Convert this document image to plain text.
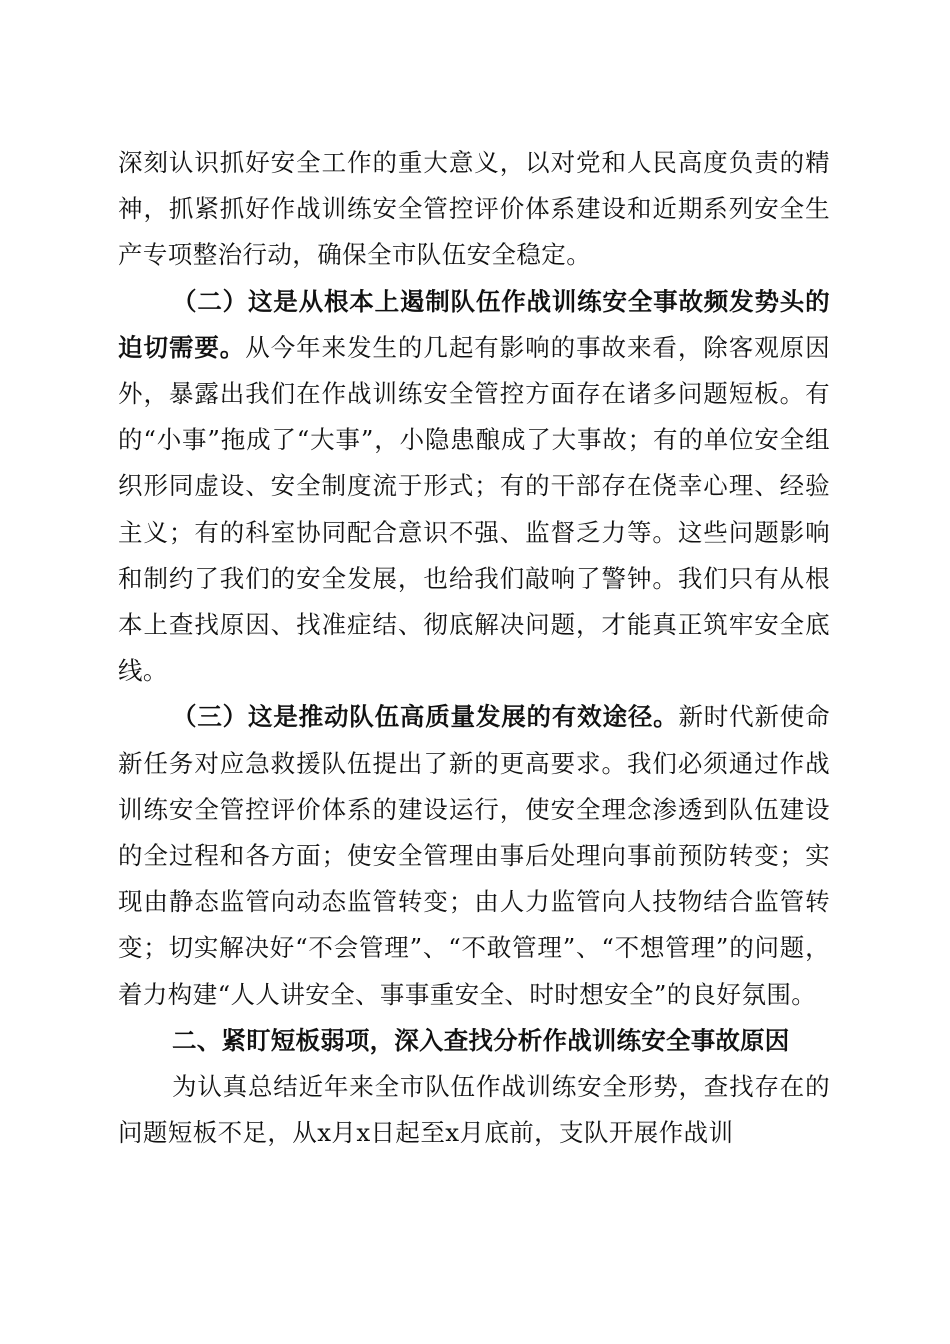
深刻认识抓好安全工作的重大意义，以对党和人民高度负责的精神，抓紧抓好作战训练安全管控评价体系建设和近期系列安全生产专项整治行动，确保全市队伍安全稳定。

（二）这是从根本上遏制队伍作战训练安全事故频发势头的迫切需要。从今年来发生的几起有影响的事故来看，除客观原因外，暴露出我们在作战训练安全管控方面存在诸多问题短板。有的“小事”拖成了“大事”，小隐患酿成了大事故；有的单位安全组织形同虚设、安全制度流于形式；有的干部存在侥幸心理、经验主义；有的科室协同配合意识不强、监督乏力等。这些问题影响和制约了我们的安全发展，也给我们敲响了警钟。我们只有从根本上查找原因、找准症结、彻底解决问题，才能真正筑牢安全底线。

（三）这是推动队伍高质量发展的有效途径。新时代新使命新任务对应急救援队伍提出了新的更高要求。我们必须通过作战训练安全管控评价体系的建设运行，使安全理念渗透到队伍建设的全过程和各方面；使安全管理由事后处理向事前预防转变；实现由静态监管向动态监管转变；由人力监管向人技物结合监管转变；切实解决好“不会管理”、“不敢管理”、“不想管理”的问题，着力构建“人人讲安全、事事重安全、时时想安全”的良好氛围。

二、紧盯短板弱项，深入查找分析作战训练安全事故原因

为认真总结近年来全市队伍作战训练安全形势，查找存在的问题短板不足，从x月x日起至x月底前，支队开展作战训
